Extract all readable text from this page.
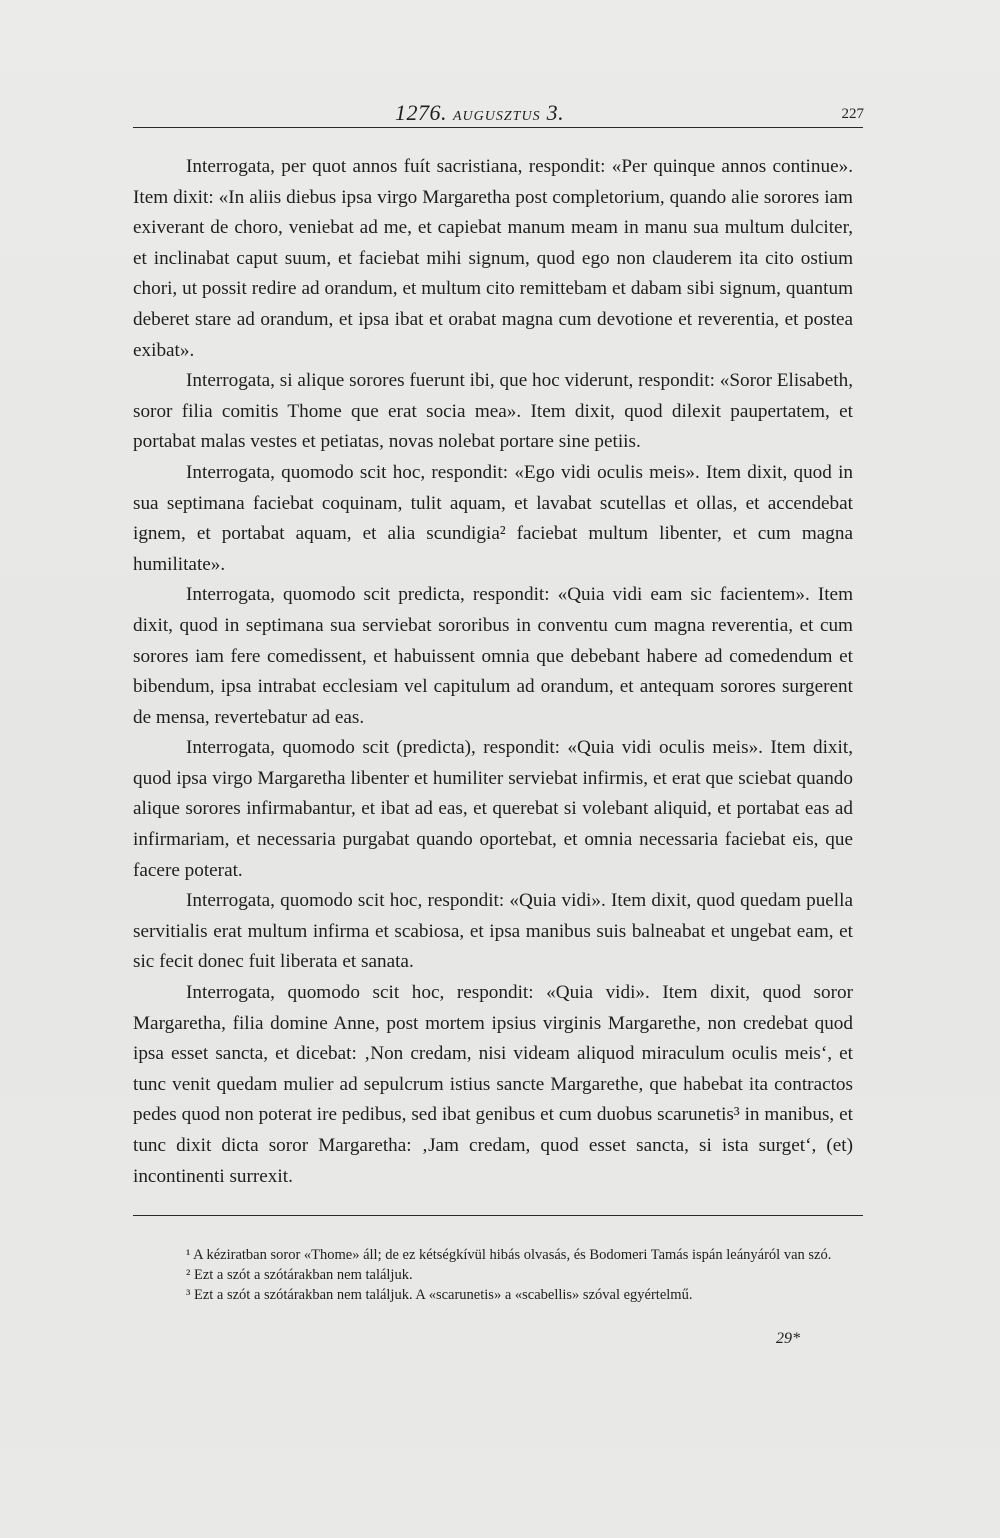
1276. AUGUSZTUS 3.	227

Interrogata, per quot annos fuít sacristiana, respondit: «Per quinque annos continue». Item dixit: «In aliis diebus ipsa virgo Margaretha post completorium, quando alie sorores iam exiverant de choro, veniebat ad me, et capiebat manum meam in manu sua multum dulciter, et inclinabat caput suum, et faciebat mihi signum, quod ego non clauderem ita cito ostium chori, ut possit redire ad orandum, et multum cito remittebam et dabam sibi signum, quantum deberet stare ad orandum, et ipsa ibat et orabat magna cum devotione et reverentia, et postea exibat».

Interrogata, si alique sorores fuerunt ibi, que hoc viderunt, respondit: «Soror Elisabeth, soror filia comitis Thome que erat socia mea». Item dixit, quod dilexit paupertatem, et portabat malas vestes et petiatas, novas nolebat portare sine petiis.

Interrogata, quomodo scit hoc, respondit: «Ego vidi oculis meis». Item dixit, quod in sua septimana faciebat coquinam, tulit aquam, et lavabat scutellas et ollas, et accendebat ignem, et portabat aquam, et alia scundigia² faciebat multum libenter, et cum magna humilitate».

Interrogata, quomodo scit predicta, respondit: «Quia vidi eam sic facientem». Item dixit, quod in septimana sua serviebat sororibus in conventu cum magna reverentia, et cum sorores iam fere comedissent, et habuissent omnia que debebant habere ad comedendum et bibendum, ipsa intrabat ecclesiam vel capitulum ad orandum, et antequam sorores surgerent de mensa, revertebatur ad eas.

Interrogata, quomodo scit (predicta), respondit: «Quia vidi oculis meis». Item dixit, quod ipsa virgo Margaretha libenter et humiliter serviebat infirmis, et erat que sciebat quando alique sorores infirmabantur, et ibat ad eas, et querebat si volebant aliquid, et portabat eas ad infirmariam, et necessaria purgabat quando oportebat, et omnia necessaria faciebat eis, que facere poterat.

Interrogata, quomodo scit hoc, respondit: «Quia vidi». Item dixit, quod quedam puella servitialis erat multum infirma et scabiosa, et ipsa manibus suis balneabat et ungebat eam, et sic fecit donec fuit liberata et sanata.

Interrogata, quomodo scit hoc, respondit: «Quia vidi». Item dixit, quod soror Margaretha, filia domine Anne, post mortem ipsius virginis Margarethe, non credebat quod ipsa esset sancta, et dicebat: ‚Non credam, nisi videam aliquod miraculum oculis meis‘, et tunc venit quedam mulier ad sepulcrum istius sancte Margarethe, que habebat ita contractos pedes quod non poterat ire pedibus, sed ibat genibus et cum duobus scarunetis³ in manibus, et tunc dixit dicta soror Margaretha: ‚Jam credam, quod esset sancta, si ista surget‘, (et) incontinenti surrexit.

¹ A kéziratban soror «Thome» áll; de ez kétségkívül hibás olvasás, és Bodomeri Tamás ispán leányáról van szó.

² Ezt a szót a szótárakban nem találjuk.

³ Ezt a szót a szótárakban nem találjuk. A «scarunetis» a «scabellis» szóval egyértelmű.

29*
